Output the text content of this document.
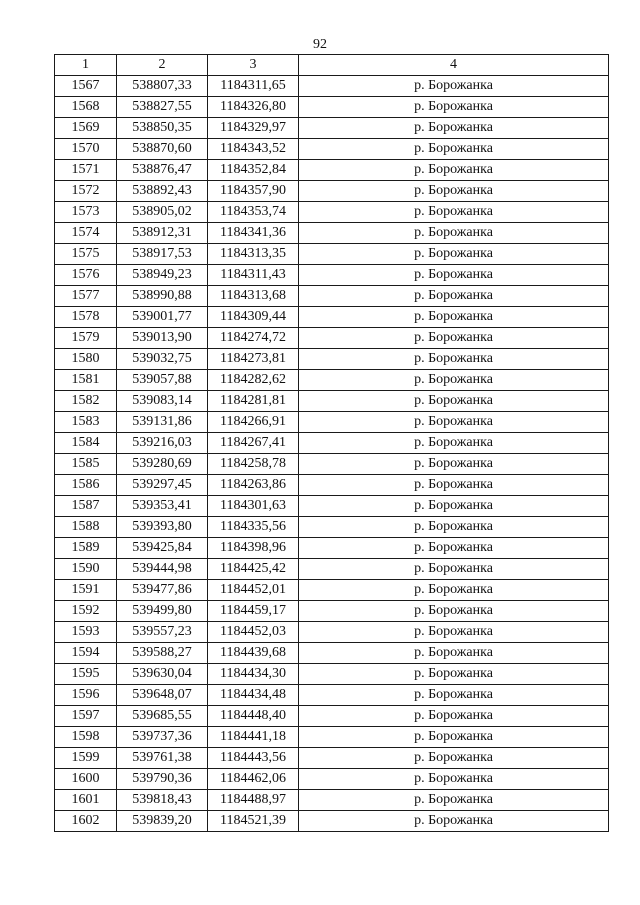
92
1	2	3	4
1567	538807,33	1184311,65	р. Борожанка
1568	538827,55	1184326,80	р. Борожанка
1569	538850,35	1184329,97	р. Борожанка
1570	538870,60	1184343,52	р. Борожанка
1571	538876,47	1184352,84	р. Борожанка
1572	538892,43	1184357,90	р. Борожанка
1573	538905,02	1184353,74	р. Борожанка
1574	538912,31	1184341,36	р. Борожанка
1575	538917,53	1184313,35	р. Борожанка
1576	538949,23	1184311,43	р. Борожанка
1577	538990,88	1184313,68	р. Борожанка
1578	539001,77	1184309,44	р. Борожанка
1579	539013,90	1184274,72	р. Борожанка
1580	539032,75	1184273,81	р. Борожанка
1581	539057,88	1184282,62	р. Борожанка
1582	539083,14	1184281,81	р. Борожанка
1583	539131,86	1184266,91	р. Борожанка
1584	539216,03	1184267,41	р. Борожанка
1585	539280,69	1184258,78	р. Борожанка
1586	539297,45	1184263,86	р. Борожанка
1587	539353,41	1184301,63	р. Борожанка
1588	539393,80	1184335,56	р. Борожанка
1589	539425,84	1184398,96	р. Борожанка
1590	539444,98	1184425,42	р. Борожанка
1591	539477,86	1184452,01	р. Борожанка
1592	539499,80	1184459,17	р. Борожанка
1593	539557,23	1184452,03	р. Борожанка
1594	539588,27	1184439,68	р. Борожанка
1595	539630,04	1184434,30	р. Борожанка
1596	539648,07	1184434,48	р. Борожанка
1597	539685,55	1184448,40	р. Борожанка
1598	539737,36	1184441,18	р. Борожанка
1599	539761,38	1184443,56	р. Борожанка
1600	539790,36	1184462,06	р. Борожанка
1601	539818,43	1184488,97	р. Борожанка
1602	539839,20	1184521,39	р. Борожанка
